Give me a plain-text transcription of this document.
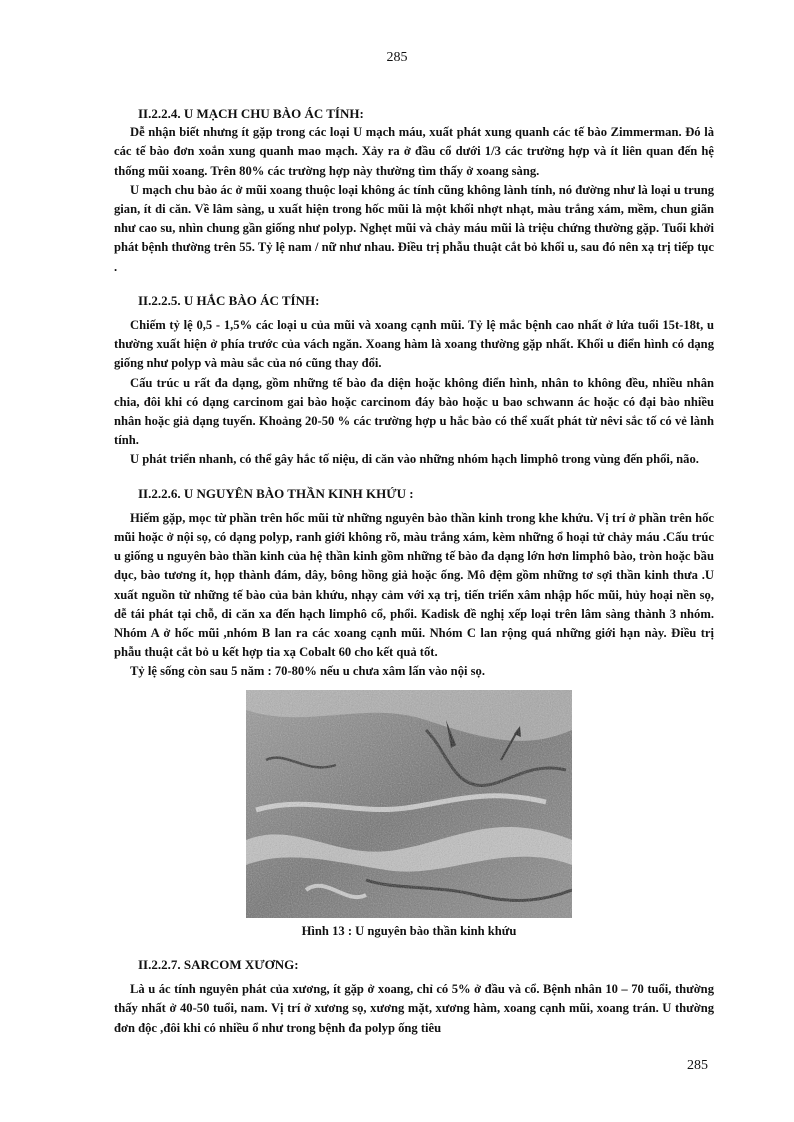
285

II.2.2.4. U MẠCH CHU BÀO ÁC TÍNH:

Dễ nhận biết nhưng ít gặp trong các loại U mạch máu, xuất phát xung quanh các tế bào Zimmerman. Đó là các tế bào đơn xoắn xung quanh mao mạch. Xảy ra ở đầu cổ dưới 1/3 các trường hợp và ít liên quan đến hệ thống mũi xoang. Trên 80% các trường hợp này thường tìm thấy ở xoang sàng.

U mạch chu bào ác ở mũi xoang thuộc loại không ác tính cũng không lành tính, nó đường như là loại u trung gian, ít di căn. Về lâm sàng, u xuất hiện trong hốc mũi là một khối nhợt nhạt, màu trắng xám, mềm, chun giãn như cao su, nhìn chung gần giống như polyp. Nghẹt mũi và chảy máu mũi là triệu chứng thường gặp. Tuổi khởi phát bệnh thường trên 55. Tỷ lệ nam / nữ như nhau. Điều trị phẫu thuật cắt bỏ khối u, sau đó nên xạ trị tiếp tục .

II.2.2.5. U HẮC BÀO ÁC TÍNH:

Chiếm tỷ lệ 0,5 - 1,5% các loại u của mũi và xoang cạnh mũi. Tỷ lệ mắc bệnh cao nhất ở lứa tuổi 15t-18t, u thường xuất hiện ở phía trước của vách ngăn. Xoang hàm là xoang thường gặp nhất. Khối u điển hình có dạng giống như polyp và màu sắc của nó cũng thay đổi.

Cấu trúc u rất đa dạng, gồm những tế bào đa diện hoặc không điển hình, nhân to không đều, nhiều nhân chia, đôi khi có dạng carcinom gai bào hoặc carcinom đáy bào hoặc u bao schwann ác hoặc có đại bào nhiều nhân hoặc giả dạng tuyến. Khoảng 20-50 % các trường hợp u hắc bào có thể xuất phát từ nêvi sắc tố có vẻ lành tính.

U phát triển nhanh, có thể gây hắc tố niệu, di căn vào những nhóm hạch limphô trong vùng đến phổi, não.

II.2.2.6. U NGUYÊN BÀO THẦN KINH KHỨU :

Hiếm gặp, mọc từ phần trên hốc mũi từ những nguyên bào thần kinh trong khe khứu. Vị trí ở phần trên hốc mũi hoặc ở nội sọ, có dạng polyp, ranh giới không rõ, màu trắng xám, kèm những ổ hoại tử chảy máu .Cấu trúc u giống u nguyên bào thần kinh của hệ thần kinh gồm những tế bào đa dạng lớn hơn limphô bào, tròn hoặc bầu dục, bào tương ít, họp thành đám, dây, bông hồng giả hoặc ống. Mô đệm gồm những tơ sợi thần kinh thưa .U xuất nguồn từ những tế bào của bản khứu, nhạy cảm với xạ trị, tiến triển xâm nhập hốc mũi, hủy hoại nền sọ, dễ tái phát tại chỗ, di căn xa đến hạch limphô cổ, phổi. Kadisk đề nghị xếp loại trên lâm sàng thành 3 nhóm. Nhóm A ở hốc mũi ,nhóm B lan ra các xoang cạnh mũi. Nhóm C lan rộng quá những giới hạn này. Điều trị phẫu thuật cắt bỏ u kết hợp tia xạ Cobalt 60 cho kết quả tốt.

Tỷ lệ sống còn sau 5 năm : 70-80% nếu u chưa xâm lấn vào nội sọ.

Hình 13 : U nguyên bào thần kinh khứu

II.2.2.7. SARCOM XƯƠNG:

Là u ác tính nguyên phát của xương, ít gặp ở xoang, chỉ có 5% ở đầu và cổ. Bệnh nhân 10 – 70 tuổi, thường thấy nhất ở 40-50 tuổi, nam. Vị trí ở xương sọ, xương mặt, xương hàm, xoang cạnh mũi, xoang trán. U thường đơn độc ,đôi khi có nhiều ổ như trong bệnh đa polyp ống tiêu

285
